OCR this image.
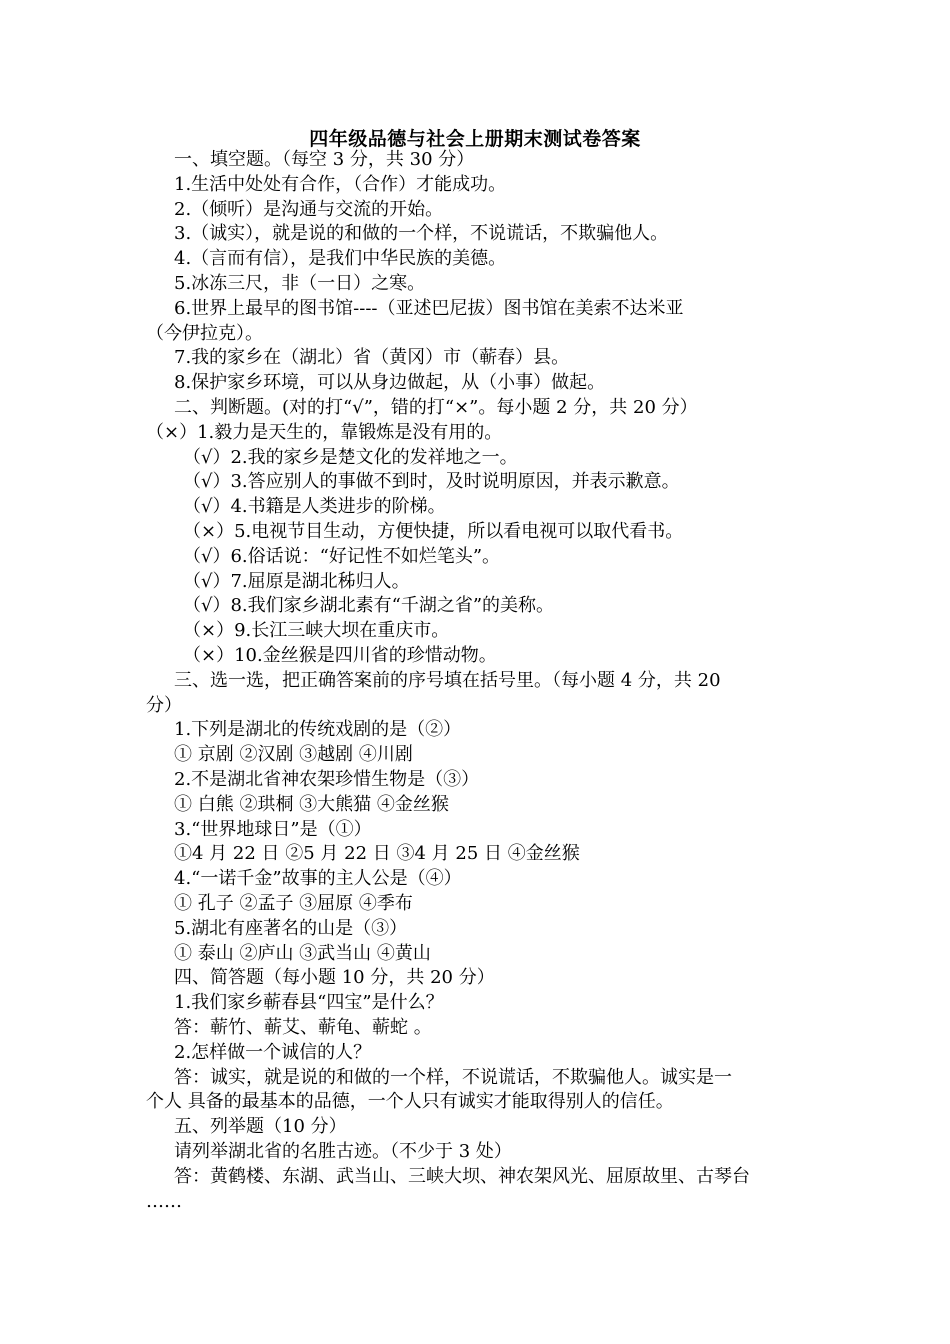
四年级品德与社会上册期末测试卷答案
一、填空题。（每空 3 分，共 30 分）
1.生活中处处有合作，（合作）才能成功。
2.（倾听）是沟通与交流的开始。
3.（诚实），就是说的和做的一个样，不说谎话，不欺骗他人。
4.（言而有信），是我们中华民族的美德。
5.冰冻三尺，非（一日）之寒。
6.世界上最早的图书馆----（亚述巴尼拔）图书馆在美索不达米亚
（今伊拉克）。
7.我的家乡在（湖北）省（黄冈）市（蕲春）县。
8.保护家乡环境，可以从身边做起，从（小事）做起。
二、判断题。(对的打“√”，错的打“×”。每小题 2 分，共 20 分）
（×）1.毅力是天生的，靠锻炼是没有用的。
（√）2.我的家乡是楚文化的发祥地之一。
（√）3.答应别人的事做不到时，及时说明原因，并表示歉意。
（√）4.书籍是人类进步的阶梯。
（×）5.电视节目生动，方便快捷，所以看电视可以取代看书。
（√）6.俗话说：“好记性不如烂笔头”。
（√）7.屈原是湖北秭归人。
（√）8.我们家乡湖北素有“千湖之省”的美称。
（×）9.长江三峡大坝在重庆市。
（×）10.金丝猴是四川省的珍惜动物。
三、选一选，把正确答案前的序号填在括号里。（每小题 4 分，共 20
分）
1.下列是湖北的传统戏剧的是（②）
① 京剧 ②汉剧 ③越剧 ④川剧
2.不是湖北省神农架珍惜生物是（③）
① 白熊 ②珙桐 ③大熊猫 ④金丝猴
3.“世界地球日”是（①）
①4 月 22 日 ②5 月 22 日 ③4 月 25 日 ④金丝猴
4.“一诺千金”故事的主人公是（④）
① 孔子 ②孟子 ③屈原 ④季布
5.湖北有座著名的山是（③）
① 泰山 ②庐山 ③武当山 ④黄山
四、简答题（每小题 10 分，共 20 分）
1.我们家乡蕲春县“四宝”是什么？
答：蕲竹、蕲艾、蕲龟、蕲蛇 。
2.怎样做一个诚信的人？
答：诚实，就是说的和做的一个样，不说谎话，不欺骗他人。诚实是一
个人 具备的最基本的品德，一个人只有诚实才能取得别人的信任。
五、列举题（10 分）
请列举湖北省的名胜古迹。（不少于 3 处）
答：黄鹤楼、东湖、武当山、三峡大坝、神农架风光、屈原故里、古琴台
……
